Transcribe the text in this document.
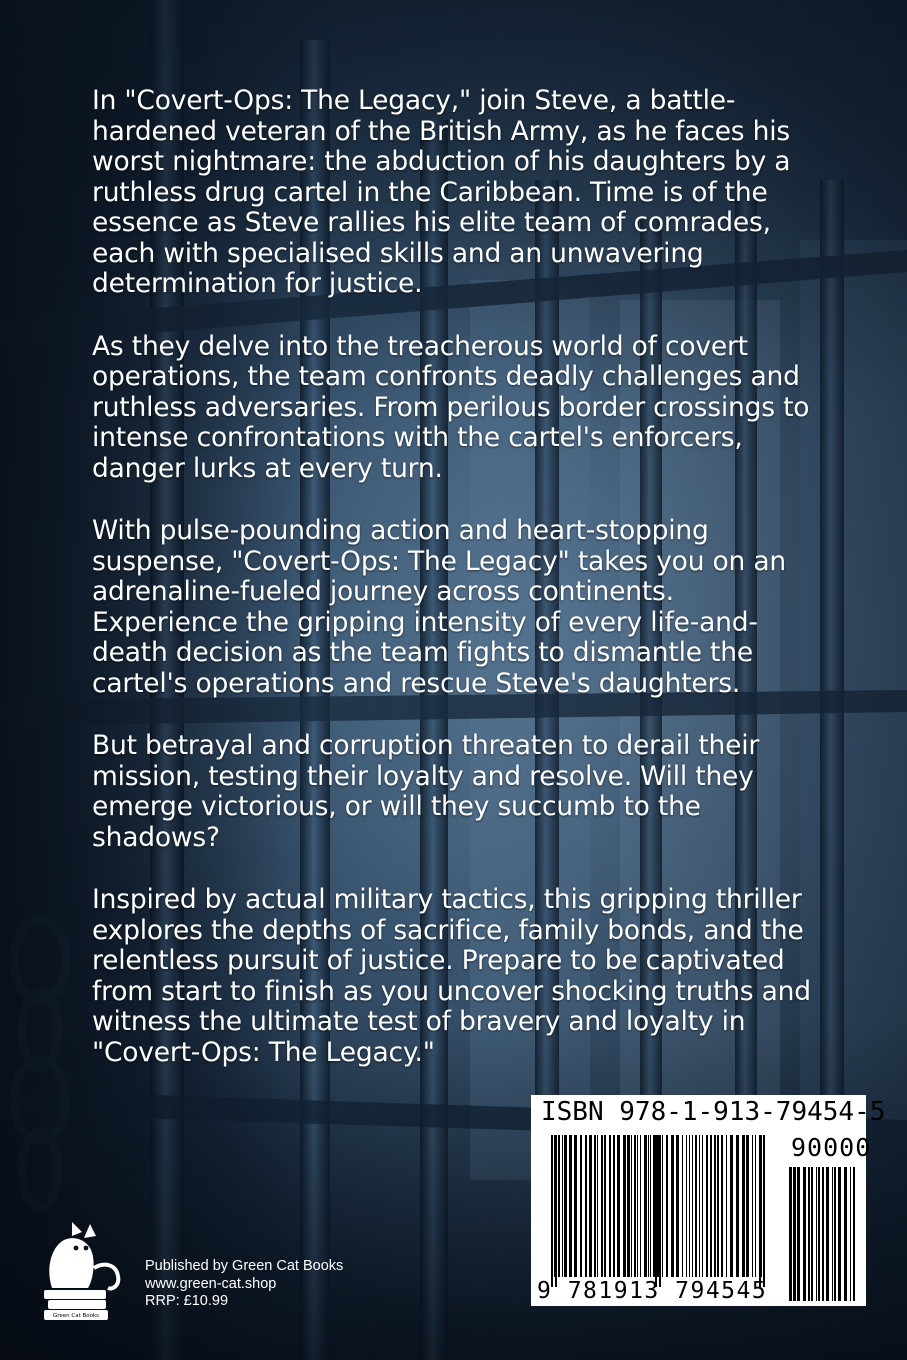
In "Covert-Ops: The Legacy," join Steve, a battle-
hardened veteran of the British Army, as he faces his
worst nightmare: the abduction of his daughters by a
ruthless drug cartel in the Caribbean. Time is of the
essence as Steve rallies his elite team of comrades,
each with specialised skills and an unwavering
determination for justice.

As they delve into the treacherous world of covert
operations, the team confronts deadly challenges and
ruthless adversaries. From perilous border crossings to
intense confrontations with the cartel's enforcers,
danger lurks at every turn.

With pulse-pounding action and heart-stopping
suspense, "Covert-Ops: The Legacy" takes you on an
adrenaline-fueled journey across continents.
Experience the gripping intensity of every life-and-
death decision as the team fights to dismantle the
cartel's operations and rescue Steve's daughters.

But betrayal and corruption threaten to derail their
mission, testing their loyalty and resolve. Will they
emerge victorious, or will they succumb to the
shadows?

Inspired by actual military tactics, this gripping thriller
explores the depths of sacrifice, family bonds, and the
relentless pursuit of justice. Prepare to be captivated
from start to finish as you uncover shocking truths and
witness the ultimate test of bravery and loyalty in
"Covert-Ops: The Legacy."

ISBN 978-1-913-79454-5
90000
9 781913 794545
Green Cat Books
Published by Green Cat Books
www.green-cat.shop
RRP: £10.99
